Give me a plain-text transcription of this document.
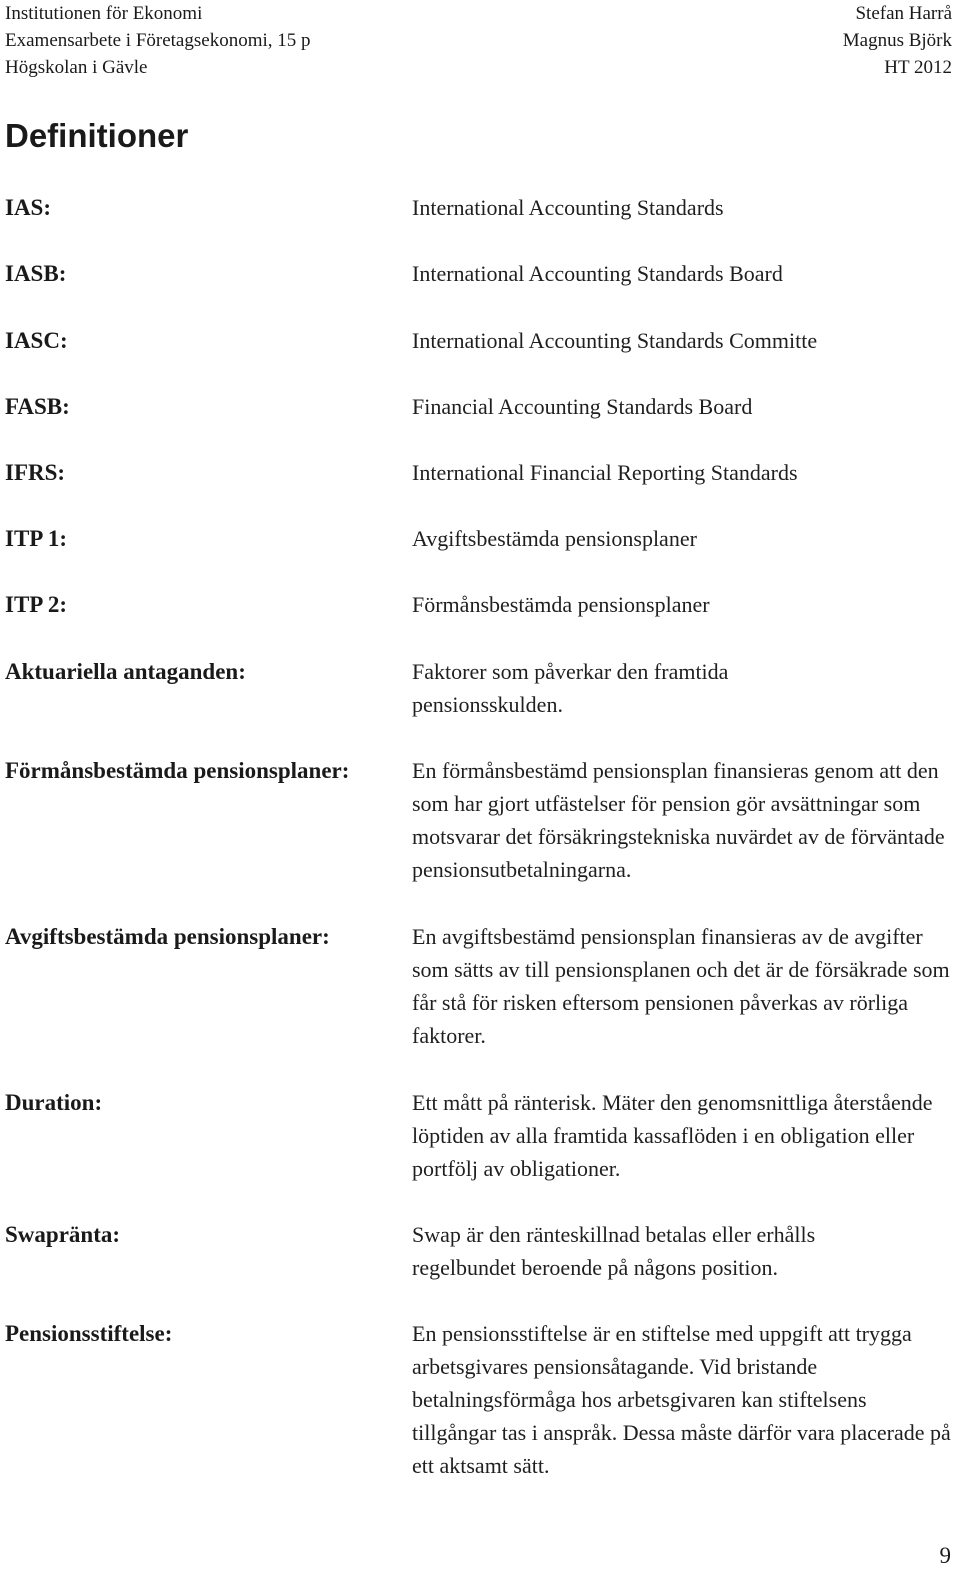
Institutionen för Ekonomi
Examensarbete i Företagsekonomi, 15 p
Högskolan i Gävle
Stefan Harrå
Magnus Björk
HT 2012
Definitioner
IAS:	International Accounting Standards
IASB:	International Accounting Standards Board
IASC:	International Accounting Standards Committe
FASB:	Financial Accounting Standards Board
IFRS:	International Financial Reporting Standards
ITP 1:	Avgiftsbestämda pensionsplaner
ITP 2:	Förmånsbestämda pensionsplaner
Aktuariella antaganden:	Faktorer som påverkar den framtida pensionsskulden.
Förmånsbestämda pensionsplaner:	En förmånsbestämd pensionsplan finansieras genom att den som har gjort utfästelser för pension gör avsättningar som motsvarar det försäkringstekniska nuvärdet av de förväntade pensionsutbetalningarna.
Avgiftsbestämda pensionsplaner:	En avgiftsbestämd pensionsplan finansieras av de avgifter som sätts av till pensionsplanen och det är de försäkrade som får stå för risken eftersom pensionen påverkas av rörliga faktorer.
Duration:	Ett mått på ränterisk. Mäter den genomsnittliga återstående löptiden av alla framtida kassaflöden i en obligation eller portfölj av obligationer.
Swapränta:	Swap är den ränteskillnad betalas eller erhålls regelbundet beroende på någons position.
Pensionsstiftelse:	En pensionsstiftelse är en stiftelse med uppgift att trygga arbetsgivares pensionsåtagande. Vid bristande betalningsförmåga hos arbetsgivaren kan stiftelsens tillgångar tas i anspråk. Dessa måste därför vara placerade på ett aktsamt sätt.
9
